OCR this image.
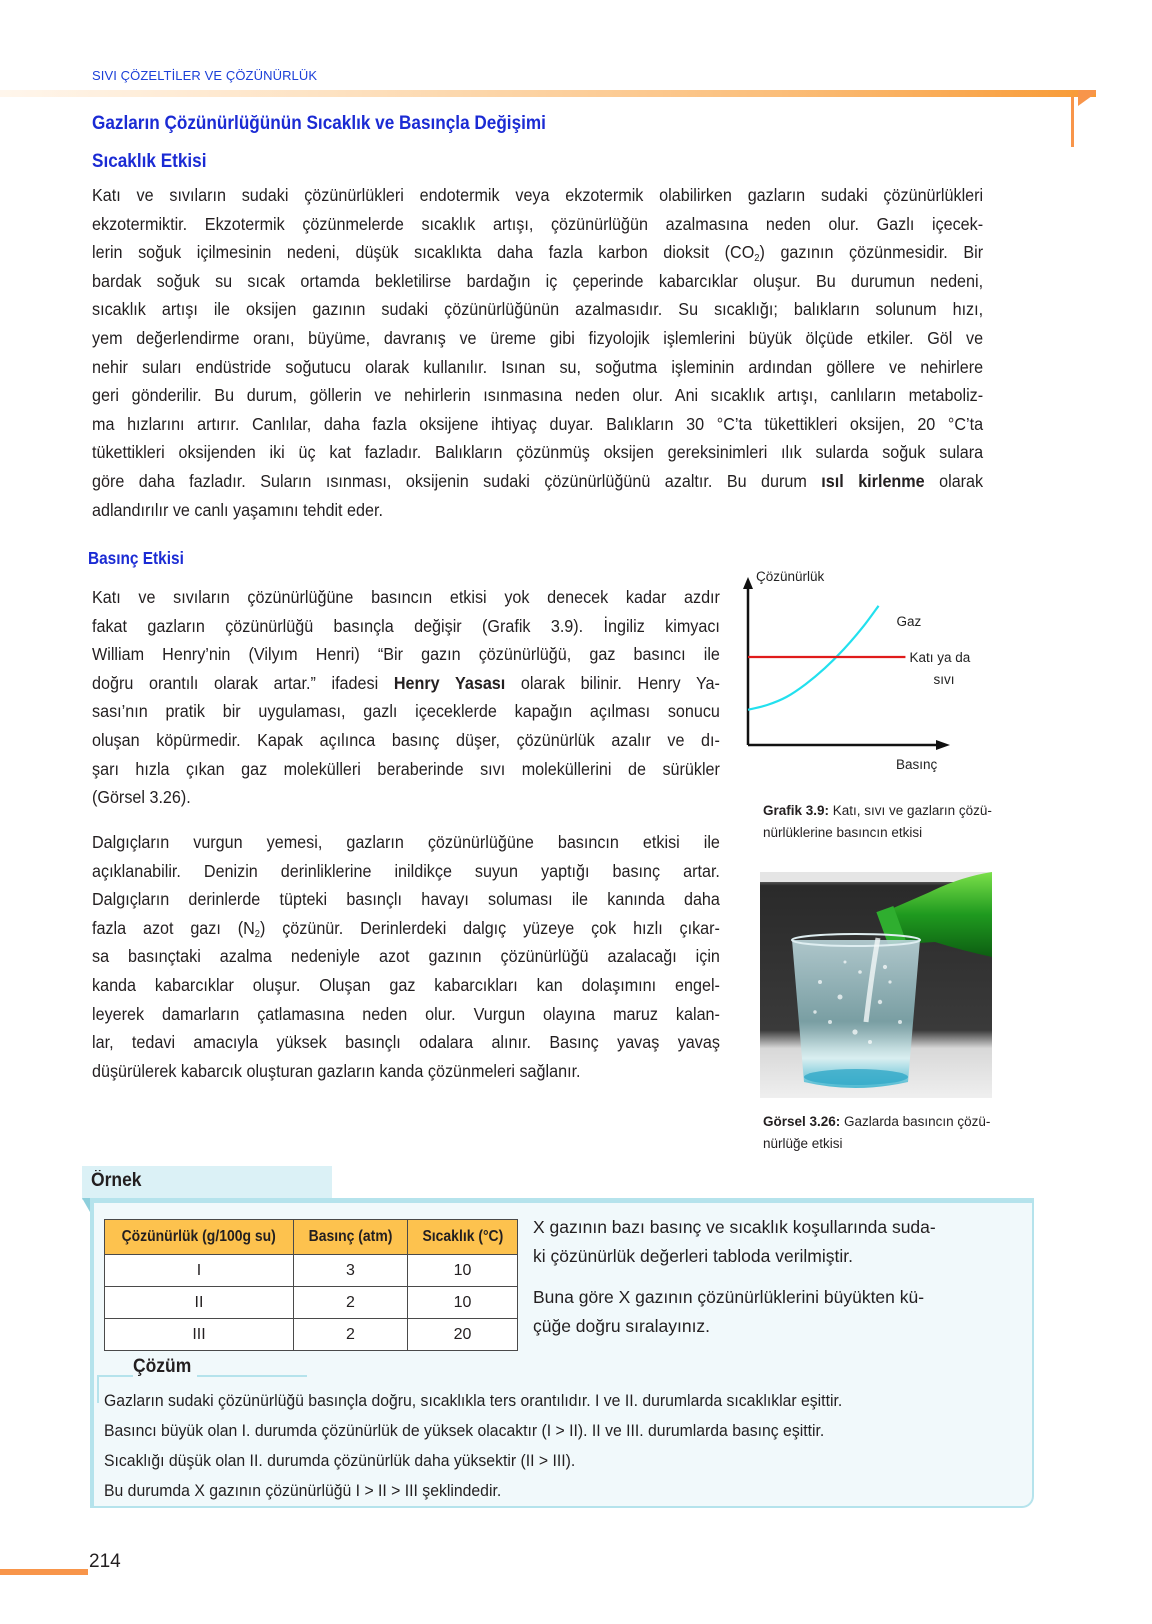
SIVI ÇÖZELTİLER VE ÇÖZÜNÜRLÜK
Gazların Çözünürlüğünün Sıcaklık ve Basınçla Değişimi
Sıcaklık Etkisi
Katı ve sıvıların sudaki çözünürlükleri endotermik veya ekzotermik olabilirken gazların sudaki çözünürlükleri
ekzotermiktir. Ekzotermik çözünmelerde sıcaklık artışı, çözünürlüğün azalmasına neden olur. Gazlı içecek-
lerin soğuk içilmesinin nedeni, düşük sıcaklıkta daha fazla karbon dioksit $(CO_2)$ gazının çözünmesidir. Bir
bardak soğuk su sıcak ortamda bekletilirse bardağın iç çeperinde kabarcıklar oluşur. Bu durumun nedeni,
sıcaklık artışı ile oksijen gazının sudaki çözünürlüğünün azalmasıdır. Su sıcaklığı; balıkların solunum hızı,
yem değerlendirme oranı, büyüme, davranış ve üreme gibi fizyolojik işlemlerini büyük ölçüde etkiler. Göl ve
nehir suları endüstride soğutucu olarak kullanılır. Isınan su, soğutma işleminin ardından göllere ve nehirlere
geri gönderilir. Bu durum, göllerin ve nehirlerin ısınmasına neden olur. Ani sıcaklık artışı, canlıların metaboliz-
ma hızlarını artırır. Canlılar, daha fazla oksijene ihtiyaç duyar. Balıkların 30 °C’ta tükettikleri oksijen, 20 °C’ta
tükettikleri oksijenden iki üç kat fazladır. Balıkların çözünmüş oksijen gereksinimleri ılık sularda soğuk sulara
göre daha fazladır. Suların ısınması, oksijenin sudaki çözünürlüğünü azaltır. Bu durum ısıl kirlenme olarak
adlandırılır ve canlı yaşamını tehdit eder.
Basınç Etkisi
Katı ve sıvıların çözünürlüğüne basıncın etkisi yok denecek kadar azdır
fakat gazların çözünürlüğü basınçla değişir (Grafik 3.9). İngiliz kimyacı
William Henry’nin (Vilyım Henri) “Bir gazın çözünürlüğü, gaz basıncı ile
doğru orantılı olarak artar.” ifadesi Henry Yasası olarak bilinir. Henry Ya-
sası’nın pratik bir uygulaması, gazlı içeceklerde kapağın açılması sonucu
oluşan köpürmedir. Kapak açılınca basınç düşer, çözünürlük azalır ve dı-
şarı hızla çıkan gaz molekülleri beraberinde sıvı moleküllerini de sürükler
(Görsel 3.26).
Dalgıçların vurgun yemesi, gazların çözünürlüğüne basıncın etkisi ile
açıklanabilir. Denizin derinliklerine inildikçe suyun yaptığı basınç artar.
Dalgıçların derinlerde tüpteki basınçlı havayı soluması ile kanında daha
fazla azot gazı $(N_2)$ çözünür. Derinlerdeki dalgıç yüzeye çok hızlı çıkar-
sa basınçtaki azalma nedeniyle azot gazının çözünürlüğü azalacağı için
kanda kabarcıklar oluşur. Oluşan gaz kabarcıkları kan dolaşımını engel-
leyerek damarların çatlamasına neden olur. Vurgun olayına maruz kalan-
lar, tedavi amacıyla yüksek basınçlı odalara alınır. Basınç yavaş yavaş
düşürülerek kabarcık oluşturan gazların kanda çözünmeleri sağlanır.
Çözünürlük
Basınç
Gaz
Katı ya da
sıvı
Grafik 3.9: Katı, sıvı ve gazların çözü-
nürlüklerine basıncın etkisi
Görsel 3.26: Gazlarda basıncın çözü-
nürlüğe etkisi
Örnek
Çözünürlük (g/100g su)	Basınç (atm)	Sıcaklık (°C)
I	3	10
II	2	10
III	2	20
X gazının bazı basınç ve sıcaklık koşullarında suda-
ki çözünürlük değerleri tabloda verilmiştir.
Buna göre X gazının çözünürlüklerini büyükten kü-
çüğe doğru sıralayınız.
Çözüm
Gazların sudaki çözünürlüğü basınçla doğru, sıcaklıkla ters orantılıdır. I ve II. durumlarda sıcaklıklar eşittir.
Basıncı büyük olan I. durumda çözünürlük de yüksek olacaktır (I > II). II ve III. durumlarda basınç eşittir.
Sıcaklığı düşük olan II. durumda çözünürlük daha yüksektir (II > III).
Bu durumda X gazının çözünürlüğü I > II > III şeklindedir.
214
